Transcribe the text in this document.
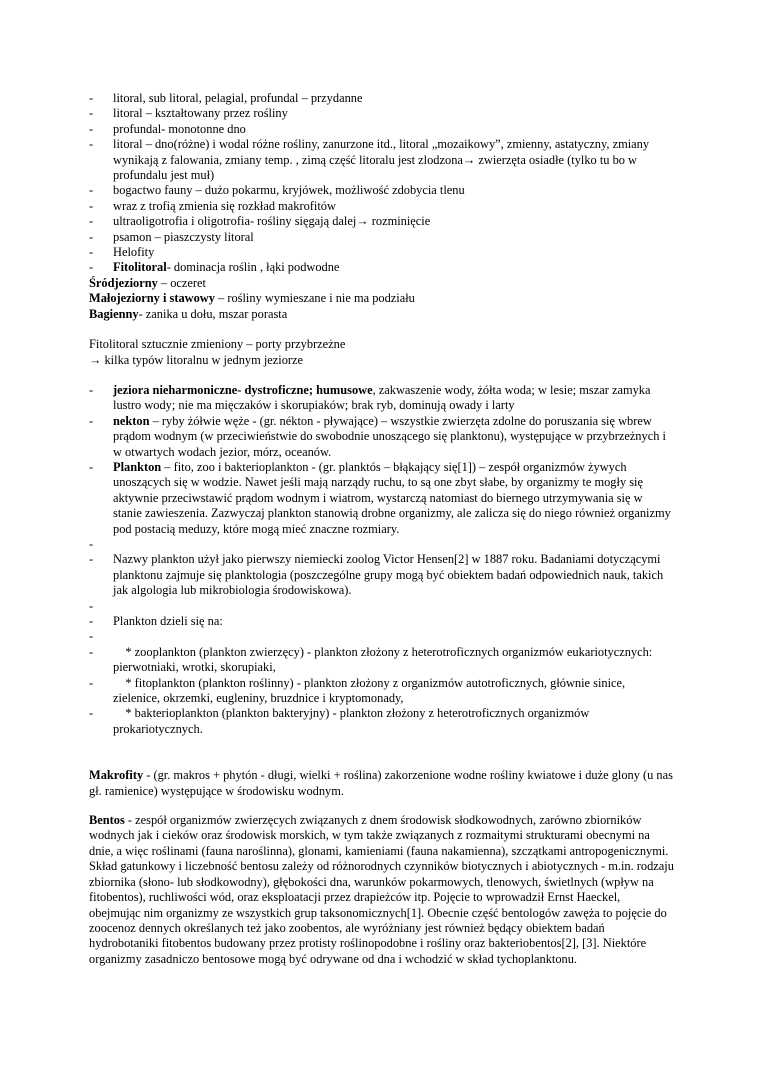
- litoral, sub litoral, pelagial, profundal – przydanne
- litoral – kształtowany przez rośliny
- profundal- monotonne dno
- litoral – dno(różne) i wodal różne rośliny, zanurzone itd., litoral „mozaikowy”, zmienny, astatyczny, zmiany wynikają z falowania, zmiany temp. , zimą część litoralu jest zlodzona→ zwierzęta osiadłe (tylko tu bo w profundalu jest muł)
- bogactwo fauny – dużo pokarmu, kryjówek, możliwość zdobycia tlenu
- wraz z trofią zmienia się rozkład makrofitów
- ultraoligotrofia i oligotrofia- rośliny sięgają dalej→ rozminięcie
- psamon – piaszczysty litoral
- Helofity
- Fitolitoral- dominacja roślin , łąki podwodne

Śródjeziorny – oczeret

Małojeziorny i stawowy – rośliny wymieszane i nie ma podziału

Bagienny- zanika u dołu, mszar porasta

Fitolitoral sztucznie zmieniony – porty przybrzeżne

→ kilka typów litoralnu w jednym jeziorze

- jeziora nieharmoniczne- dystroficzne; humusowe, zakwaszenie wody, żółta woda; w lesie; mszar zamyka lustro wody; nie ma mięczaków i skorupiaków; brak ryb, dominują owady i larty
- nekton – ryby żółwie węże - (gr. nékton - pływające) – wszystkie zwierzęta zdolne do poruszania się wbrew prądom wodnym (w przeciwieństwie do swobodnie unoszącego się planktonu), występujące w przybrzeżnych i w otwartych wodach jezior, mórz, oceanów.
- Plankton – fito, zoo i bakterioplankton - (gr. planktós – błąkający się[1]) – zespół organizmów żywych unoszących się w wodzie. Nawet jeśli mają narządy ruchu, to są one zbyt słabe, by organizmy te mogły się aktywnie przeciwstawić prądom wodnym i wiatrom, wystarczą natomiast do biernego utrzymywania się w stanie zawieszenia. Zazwyczaj plankton stanowią drobne organizmy, ale zalicza się do niego również organizmy pod postacią meduzy, które mogą mieć znaczne rozmiary.
-

- Nazwy plankton użył jako pierwszy niemiecki zoolog Victor Hensen[2] w 1887 roku. Badaniami dotyczącymi planktonu zajmuje się planktologia (poszczególne grupy mogą być obiektem badań odpowiednich nauk, takich jak algologia lub mikrobiologia środowiskowa).
-

- Plankton dzieli się na:
-

- * zooplankton (plankton zwierzęcy) - plankton złożony z heterotroficznych organizmów eukariotycznych: pierwotniaki, wrotki, skorupiaki,
- * fitoplankton (plankton roślinny) - plankton złożony z organizmów autotroficznych, głównie sinice, zielenice, okrzemki, eugleniny, bruzdnice i kryptomonady,
- * bakterioplankton (plankton bakteryjny) - plankton złożony z heterotroficznych organizmów prokariotycznych.

Makrofity - (gr. makros + phytón - długi, wielki + roślina) zakorzenione wodne rośliny kwiatowe i duże glony (u nas gł. ramienice) występujące w środowisku wodnym.

Bentos - zespół organizmów zwierzęcych związanych z dnem środowisk słodkowodnych, zarówno zbiorników wodnych jak i cieków oraz środowisk morskich, w tym także związanych z rozmaitymi strukturami obecnymi na dnie, a więc roślinami (fauna naroślinna), glonami, kamieniami (fauna nakamienna), szczątkami antropogenicznymi. Skład gatunkowy i liczebność bentosu zależy od różnorodnych czynników biotycznych i abiotycznych - m.in. rodzaju zbiornika (słono- lub słodkowodny), głębokości dna, warunków pokarmowych, tlenowych, świetlnych (wpływ na fitobentos), ruchliwości wód, oraz eksploatacji przez drapieżców itp. Pojęcie to wprowadził Ernst Haeckel, obejmując nim organizmy ze wszystkich grup taksonomicznych[1]. Obecnie część bentologów zawęża to pojęcie do zoocenoz dennych określanych też jako zoobentos, ale wyróżniany jest również będący obiektem badań hydrobotaniki fitobentos budowany przez protisty roślinopodobne i rośliny oraz bakteriobentos[2], [3]. Niektóre organizmy zasadniczo bentosowe mogą być odrywane od dna i wchodzić w skład tychoplanktonu.
